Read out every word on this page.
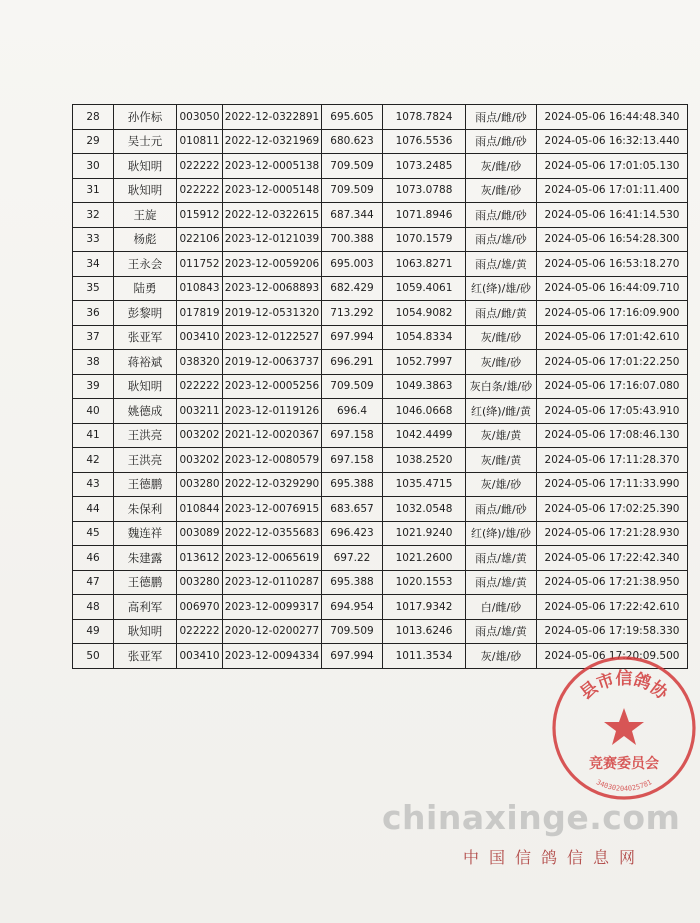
28	孙作标	003050	2022-12-0322891	695.605	1078.7824	雨点/雌/砂	2024-05-06 16:44:48.340
29	吴士元	010811	2022-12-0321969	680.623	1076.5536	雨点/雌/砂	2024-05-06 16:32:13.440
30	耿知明	022222	2023-12-0005138	709.509	1073.2485	灰/雌/砂	2024-05-06 17:01:05.130
31	耿知明	022222	2023-12-0005148	709.509	1073.0788	灰/雌/砂	2024-05-06 17:01:11.400
32	王旋	015912	2022-12-0322615	687.344	1071.8946	雨点/雌/砂	2024-05-06 16:41:14.530
33	杨彪	022106	2023-12-0121039	700.388	1070.1579	雨点/雄/砂	2024-05-06 16:54:28.300
34	王永会	011752	2023-12-0059206	695.003	1063.8271	雨点/雄/黄	2024-05-06 16:53:18.270
35	陆勇	010843	2023-12-0068893	682.429	1059.4061	红(绛)/雄/砂	2024-05-06 16:44:09.710
36	彭黎明	017819	2019-12-0531320	713.292	1054.9082	雨点/雌/黄	2024-05-06 17:16:09.900
37	张亚军	003410	2023-12-0122527	697.994	1054.8334	灰/雌/砂	2024-05-06 17:01:42.610
38	蒋裕斌	038320	2019-12-0063737	696.291	1052.7997	灰/雌/砂	2024-05-06 17:01:22.250
39	耿知明	022222	2023-12-0005256	709.509	1049.3863	灰白条/雄/砂	2024-05-06 17:16:07.080
40	姚德成	003211	2023-12-0119126	696.4	1046.0668	红(绛)/雌/黄	2024-05-06 17:05:43.910
41	王洪亮	003202	2021-12-0020367	697.158	1042.4499	灰/雄/黄	2024-05-06 17:08:46.130
42	王洪亮	003202	2023-12-0080579	697.158	1038.2520	灰/雌/黄	2024-05-06 17:11:28.370
43	王德鹏	003280	2022-12-0329290	695.388	1035.4715	灰/雄/砂	2024-05-06 17:11:33.990
44	朱保利	010844	2023-12-0076915	683.657	1032.0548	雨点/雌/砂	2024-05-06 17:02:25.390
45	魏连祥	003089	2022-12-0355683	696.423	1021.9240	红(绛)/雄/砂	2024-05-06 17:21:28.930
46	朱建露	013612	2023-12-0065619	697.22	1021.2600	雨点/雄/黄	2024-05-06 17:22:42.340
47	王德鹏	003280	2023-12-0110287	695.388	1020.1553	雨点/雄/黄	2024-05-06 17:21:38.950
48	高利军	006970	2023-12-0099317	694.954	1017.9342	白/雌/砂	2024-05-06 17:22:42.610
49	耿知明	022222	2020-12-0200277	709.509	1013.6246	雨点/雄/黄	2024-05-06 17:19:58.330
50	张亚军	003410	2023-12-0094334	697.994	1011.3534	灰/雄/砂	2024-05-06 17:20:09.500
县市信鸽协
竞赛委员会
34030204025781
chinaxinge.com
中国信鸽信息网
